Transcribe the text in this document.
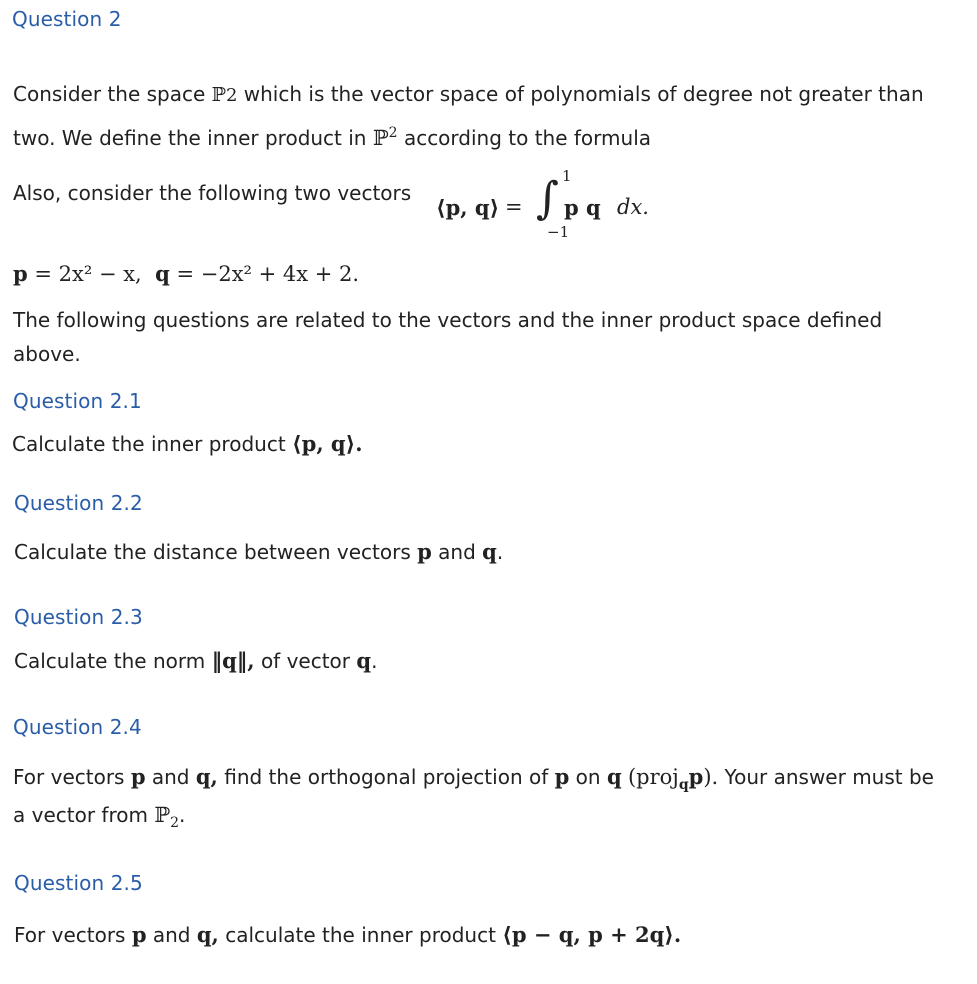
Question 2
Consider the space ℙ2 which is the vector space of polynomials of degree not greater than
two. We define the inner product in ℙ$^2$ according to the formula
Also, consider the following two vectors
⟨p, q⟩ = ∫ 1
−1
p q dx.
p = 2x² − x, q = −2x² + 4x + 2.
The following questions are related to the vectors and the inner product space defined
above.
Question 2.1
Calculate the inner product ⟨p, q⟩.
Question 2.2
Calculate the distance between vectors p and q.
Question 2.3
Calculate the norm ‖q‖, of vector q.
Question 2.4
For vectors p and q, find the orthogonal projection of p on q (proj$_q$p). Your answer must be
a vector from ℙ$_2$.
Question 2.5
For vectors p and q, calculate the inner product ⟨p − q, p + 2q⟩.
